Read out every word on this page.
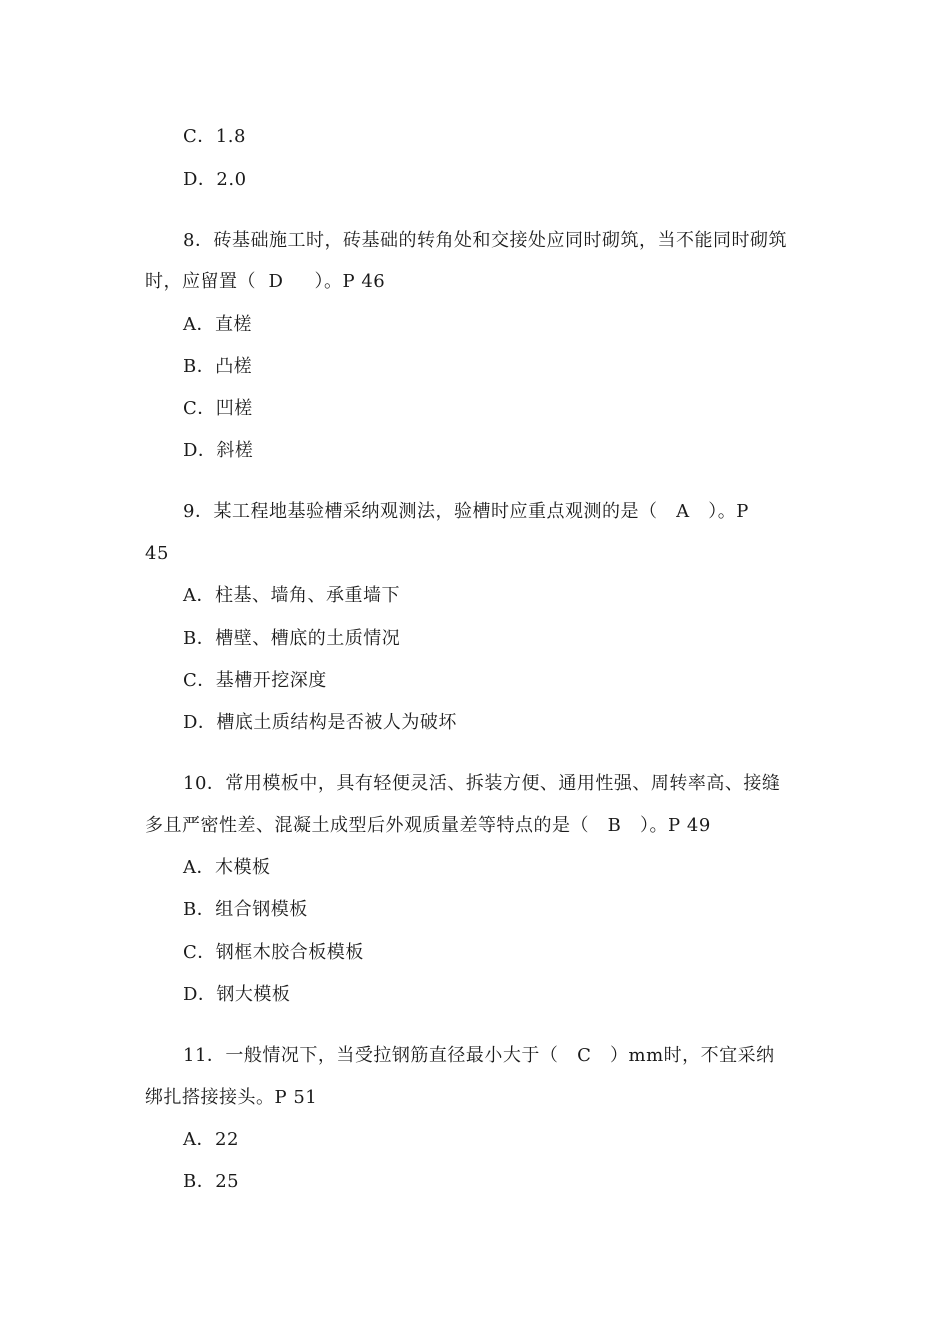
C．1.8
D．2.0
8．砖基础施工时，砖基础的转角处和交接处应同时砌筑，当不能同时砌筑
时，应留置（  D     ）。P 46
A．直槎
B．凸槎
C．凹槎
D．斜槎
9．某工程地基验槽采纳观测法，验槽时应重点观测的是（   A   ）。P
45
A．柱基、墙角、承重墙下
B．槽壁、槽底的土质情况
C．基槽开挖深度
D．槽底土质结构是否被人为破坏
10．常用模板中，具有轻便灵活、拆装方便、通用性强、周转率高、接缝
多且严密性差、混凝土成型后外观质量差等特点的是（   B   ）。P 49
A．木模板
B．组合钢模板
C．钢框木胶合板模板
D．钢大模板
11．一般情况下，当受拉钢筋直径最小大于（   C   ）mm时，不宜采纳
绑扎搭接接头。P 51
A．22
B．25
